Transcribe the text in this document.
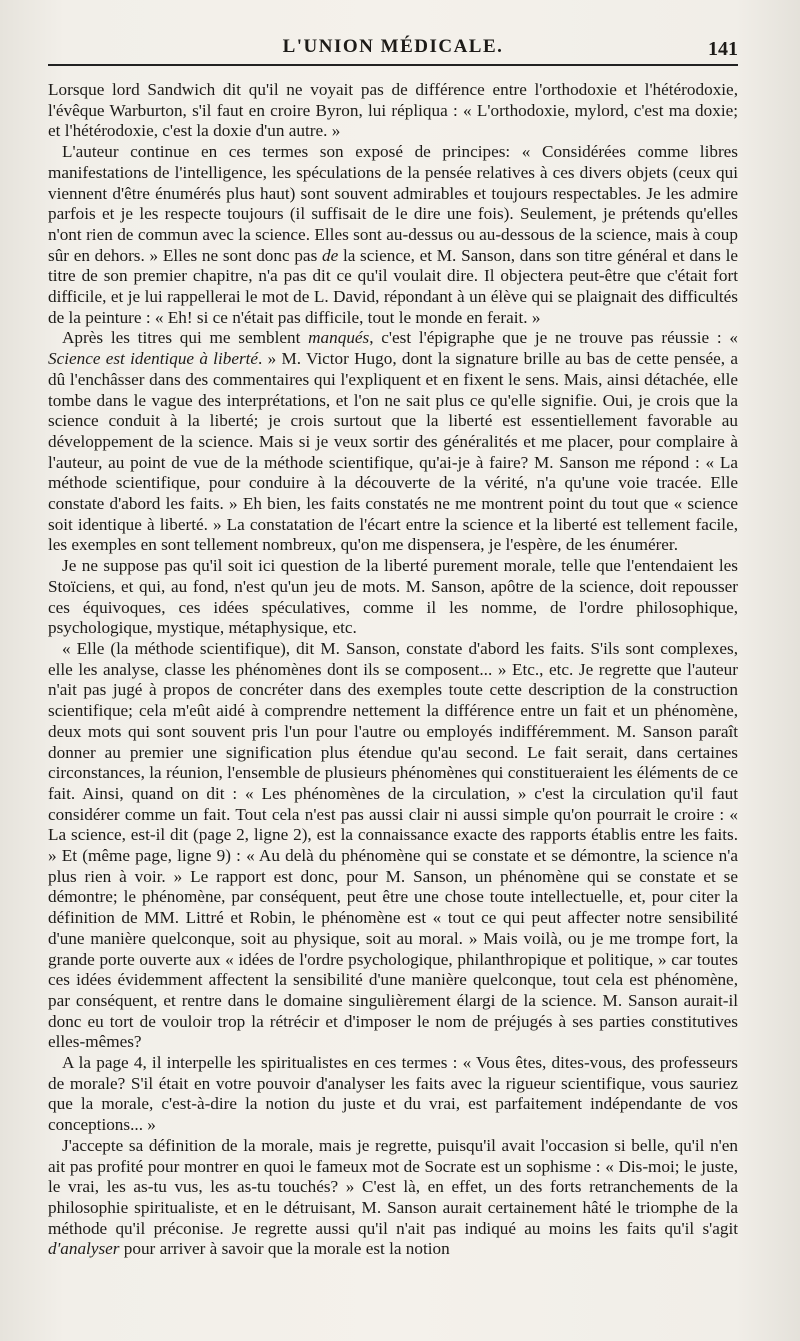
L'UNION MÉDICALE.	141

Lorsque lord Sandwich dit qu'il ne voyait pas de différence entre l'orthodoxie et l'hétérodoxie, l'évêque Warburton, s'il faut en croire Byron, lui répliqua : « L'orthodoxie, mylord, c'est ma doxie; et l'hétérodoxie, c'est la doxie d'un autre. »

L'auteur continue en ces termes son exposé de principes: « Considérées comme libres manifestations de l'intelligence, les spéculations de la pensée relatives à ces divers objets (ceux qui viennent d'être énumérés plus haut) sont souvent admirables et toujours respectables. Je les admire parfois et je les respecte toujours (il suffisait de le dire une fois). Seulement, je prétends qu'elles n'ont rien de commun avec la science. Elles sont au-dessus ou au-dessous de la science, mais à coup sûr en dehors. » Elles ne sont donc pas de la science, et M. Sanson, dans son titre général et dans le titre de son premier chapitre, n'a pas dit ce qu'il voulait dire. Il objectera peut-être que c'était fort difficile, et je lui rappellerai le mot de L. David, répondant à un élève qui se plaignait des difficultés de la peinture : « Eh! si ce n'était pas difficile, tout le monde en ferait. »

Après les titres qui me semblent manqués, c'est l'épigraphe que je ne trouve pas réussie : « Science est identique à liberté. » M. Victor Hugo, dont la signature brille au bas de cette pensée, a dû l'enchâsser dans des commentaires qui l'expliquent et en fixent le sens. Mais, ainsi détachée, elle tombe dans le vague des interprétations, et l'on ne sait plus ce qu'elle signifie. Oui, je crois que la science conduit à la liberté; je crois surtout que la liberté est essentiellement favorable au développement de la science. Mais si je veux sortir des généralités et me placer, pour complaire à l'auteur, au point de vue de la méthode scientifique, qu'ai-je à faire? M. Sanson me répond : « La méthode scientifique, pour conduire à la découverte de la vérité, n'a qu'une voie tracée. Elle constate d'abord les faits. » Eh bien, les faits constatés ne me montrent point du tout que « science soit identique à liberté. » La constatation de l'écart entre la science et la liberté est tellement facile, les exemples en sont tellement nombreux, qu'on me dispensera, je l'espère, de les énumérer.

Je ne suppose pas qu'il soit ici question de la liberté purement morale, telle que l'entendaient les Stoïciens, et qui, au fond, n'est qu'un jeu de mots. M. Sanson, apôtre de la science, doit repousser ces équivoques, ces idées spéculatives, comme il les nomme, de l'ordre philosophique, psychologique, mystique, métaphysique, etc.

« Elle (la méthode scientifique), dit M. Sanson, constate d'abord les faits. S'ils sont complexes, elle les analyse, classe les phénomènes dont ils se composent... » Etc., etc. Je regrette que l'auteur n'ait pas jugé à propos de concréter dans des exemples toute cette description de la construction scientifique; cela m'eût aidé à comprendre nettement la différence entre un fait et un phénomène, deux mots qui sont souvent pris l'un pour l'autre ou employés indifféremment. M. Sanson paraît donner au premier une signification plus étendue qu'au second. Le fait serait, dans certaines circonstances, la réunion, l'ensemble de plusieurs phénomènes qui constitueraient les éléments de ce fait. Ainsi, quand on dit : « Les phénomènes de la circulation, » c'est la circulation qu'il faut considérer comme un fait. Tout cela n'est pas aussi clair ni aussi simple qu'on pourrait le croire : « La science, est-il dit (page 2, ligne 2), est la connaissance exacte des rapports établis entre les faits. » Et (même page, ligne 9) : « Au delà du phénomène qui se constate et se démontre, la science n'a plus rien à voir. » Le rapport est donc, pour M. Sanson, un phénomène qui se constate et se démontre; le phénomène, par conséquent, peut être une chose toute intellectuelle, et, pour citer la définition de MM. Littré et Robin, le phénomène est « tout ce qui peut affecter notre sensibilité d'une manière quelconque, soit au physique, soit au moral. » Mais voilà, ou je me trompe fort, la grande porte ouverte aux « idées de l'ordre psychologique, philanthropique et politique, » car toutes ces idées évidemment affectent la sensibilité d'une manière quelconque, tout cela est phénomène, par conséquent, et rentre dans le domaine singulièrement élargi de la science. M. Sanson aurait-il donc eu tort de vouloir trop la rétrécir et d'imposer le nom de préjugés à ses parties constitutives elles-mêmes?

A la page 4, il interpelle les spiritualistes en ces termes : « Vous êtes, dites-vous, des professeurs de morale? S'il était en votre pouvoir d'analyser les faits avec la rigueur scientifique, vous sauriez que la morale, c'est-à-dire la notion du juste et du vrai, est parfaitement indépendante de vos conceptions... »

J'accepte sa définition de la morale, mais je regrette, puisqu'il avait l'occasion si belle, qu'il n'en ait pas profité pour montrer en quoi le fameux mot de Socrate est un sophisme : « Dis-moi; le juste, le vrai, les as-tu vus, les as-tu touchés? » C'est là, en effet, un des forts retranchements de la philosophie spiritualiste, et en le détruisant, M. Sanson aurait certainement hâté le triomphe de la méthode qu'il préconise. Je regrette aussi qu'il n'ait pas indiqué au moins les faits qu'il s'agit d'analyser pour arriver à savoir que la morale est la notion
